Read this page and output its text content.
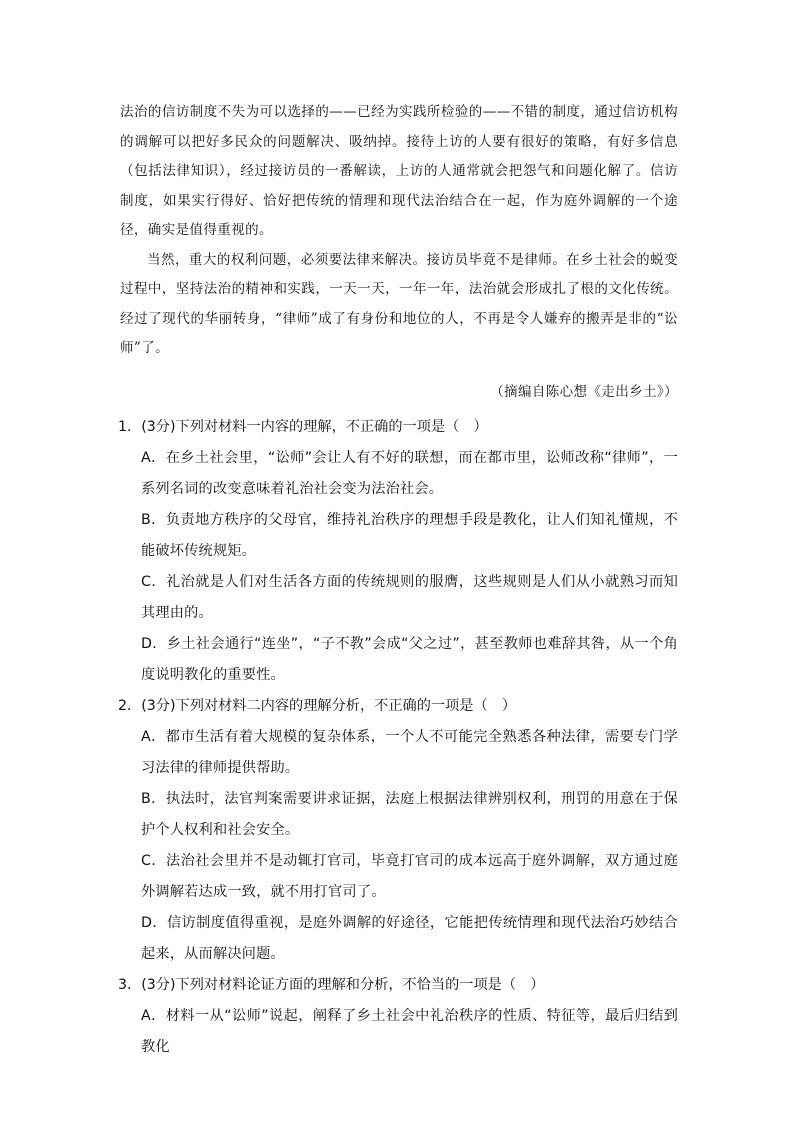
法治的信访制度不失为可以选择的——已经为实践所检验的——不错的制度，通过信访机构的调解可以把好多民众的问题解决、吸纳掉。接待上访的人要有很好的策略，有好多信息（包括法律知识），经过接访员的一番解读，上访的人通常就会把怨气和问题化解了。信访制度，如果实行得好、恰好把传统的情理和现代法治结合在一起，作为庭外调解的一个途径，确实是值得重视的。

当然，重大的权利问题，必须要法律来解决。接访员毕竟不是律师。在乡土社会的蜕变过程中，坚持法治的精神和实践，一天一天，一年一年，法治就会形成扎了根的文化传统。经过了现代的华丽转身，“律师”成了有身份和地位的人，不再是令人嫌弃的搬弄是非的“讼师”了。

（摘编自陈心想《走出乡土》）
1． (3分)下列对材料一内容的理解，不正确的一项是（　）
A．在乡土社会里，“讼师”会让人有不好的联想，而在都市里，讼师改称“律师”，一系列名词的改变意味着礼治社会变为法治社会。
B．负责地方秩序的父母官，维持礼治秩序的理想手段是教化，让人们知礼懂规，不能破坏传统规矩。
C．礼治就是人们对生活各方面的传统规则的服膺，这些规则是人们从小就熟习而知其理由的。
D．乡土社会通行“连坐”，“子不教”会成“父之过”，甚至教师也难辞其咎，从一个角度说明教化的重要性。
2． (3分)下列对材料二内容的理解分析，不正确的一项是（　）
A．都市生活有着大规模的复杂体系，一个人不可能完全熟悉各种法律，需要专门学习法律的律师提供帮助。
B．执法时，法官判案需要讲求证据，法庭上根据法律辨别权利，刑罚的用意在于保护个人权利和社会安全。
C．法治社会里并不是动辄打官司，毕竟打官司的成本远高于庭外调解，双方通过庭外调解若达成一致，就不用打官司了。
D．信访制度值得重视，是庭外调解的好途径，它能把传统情理和现代法治巧妙结合起来，从而解决问题。
3． (3分)下列对材料论证方面的理解和分析，不恰当的一项是（　）
A．材料一从“讼师”说起，阐释了乡土社会中礼治秩序的性质、特征等，最后归结到教化
